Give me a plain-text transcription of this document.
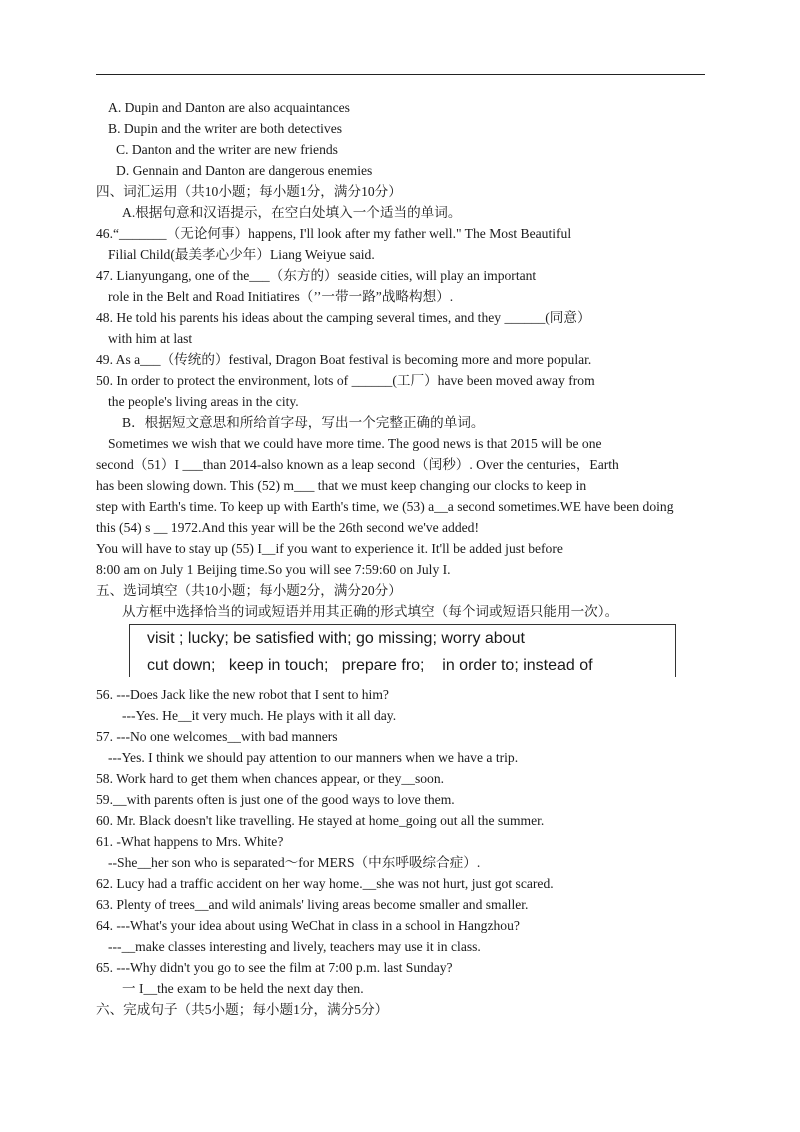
A. Dupin and Danton are also acquaintances
B. Dupin and the writer are both detectives
C. Danton and the writer are new friends
D. Gennain and Danton are dangerous enemies
四、词汇运用（共10小题；每小题1分，满分10分）
A.根据句意和汉语提示，在空白处填入一个适当的单词。
46.“_______（无论何事）happens, I'll look after my father well." The Most Beautiful
Filial Child(最美孝心少年）Liang Weiyue said.
47. Lianyungang, one of the___（东方的）seaside cities, will play an important
role in the Belt and Road Initiatires（’’一带一路”战略构想）.
48. He told his parents his ideas about the camping several times, and they ______(同意）
with him at last
49. As a___（传统的）festival, Dragon Boat festival is becoming more and more popular.
50. In order to protect the environment, lots of ______(工厂）have been moved away from
the people's living areas in the city.
B．根据短文意思和所给首字母，写出一个完整正确的单词。
Sometimes we wish that we could have more time. The good news is that 2015 will be one
second（51）I ___than 2014-also known as a leap second（闰秒）. Over the centuries，Earth
has been slowing down. This (52) m___ that we must keep changing our clocks to keep in
step with Earth's time. To keep up with Earth's time, we (53) a__a second sometimes.WE have been doing
this (54) s __ 1972.And this year will be the 26th second we've added!
You will have to stay up (55) I__if you want to experience it. It'll be added just before
8:00 am on July 1 Beijing time.So you will see 7:59:60 on July I.
五、选词填空（共10小题；每小题2分，满分20分）
从方框中选择恰当的词或短语并用其正确的形式填空（每个词或短语只能用一次）。
visit ; lucky; be satisfied with; go missing; worry about
cut down;   keep in touch;   prepare fro;    in order to; instead of
56. ---Does Jack like the new robot that I sent to him?
---Yes. He__it very much. He plays with it all day.
57. ---No one welcomes__with bad manners
---Yes. I think we should pay attention to our manners when we have a trip.
58. Work hard to get them when chances appear, or they__soon.
59.__with parents often is just one of the good ways to love them.
60. Mr. Black doesn't like travelling. He stayed at home_going out all the summer.
61. -What happens to Mrs. White?
--She__her son who is separated～for MERS（中东呼吸综合症）.
62. Lucy had a traffic accident on her way home.__she was not hurt, just got scared.
63. Plenty of trees__and wild animals' living areas become smaller and smaller.
64. ---What's your idea about using WeChat in class in a school in Hangzhou?
---__make classes interesting and lively, teachers may use it in class.
65. ---Why didn't you go to see the film at 7:00 p.m. last Sunday?
一 I__the exam to be held the next day then.
六、完成句子（共5小题；每小题1分，满分5分）
